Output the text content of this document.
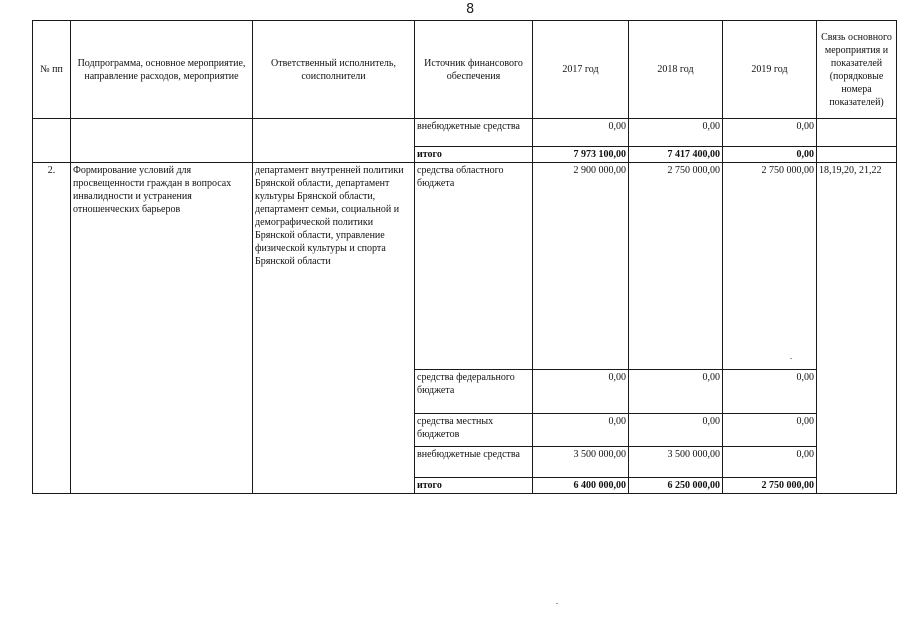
8
№ пп	Подпрограмма, основное мероприятие, направление расходов, мероприятие	Ответственный исполнитель, соисполнители	Источник финансового обеспечения	2017 год	2018 год	2019 год	Связь основного мероприятия и показателей (порядковые номера показателей)
			внебюджетные средства	0,00	0,00	0,00	
			итого	7 973 100,00	7 417 400,00	0,00	
2.	Формирование условий для просвещенности граждан в вопросах инвалидности и устранения отношенческих барьеров	департамент внутренней политики Брянской области, департамент культуры Брянской области, департамент семьи, социальной и демографической политики Брянской области, управление физической культуры и спорта Брянской области	средства областного бюджета	2 900 000,00	2 750 000,00	2 750 000,00	18,19,20, 21,22
			средства федерального бюджета	0,00	0,00	0,00	
			средства местных бюджетов	0,00	0,00	0,00	
			внебюджетные средства	3 500 000,00	3 500 000,00	0,00	
			итого	6 400 000,00	6 250 000,00	2 750 000,00	
